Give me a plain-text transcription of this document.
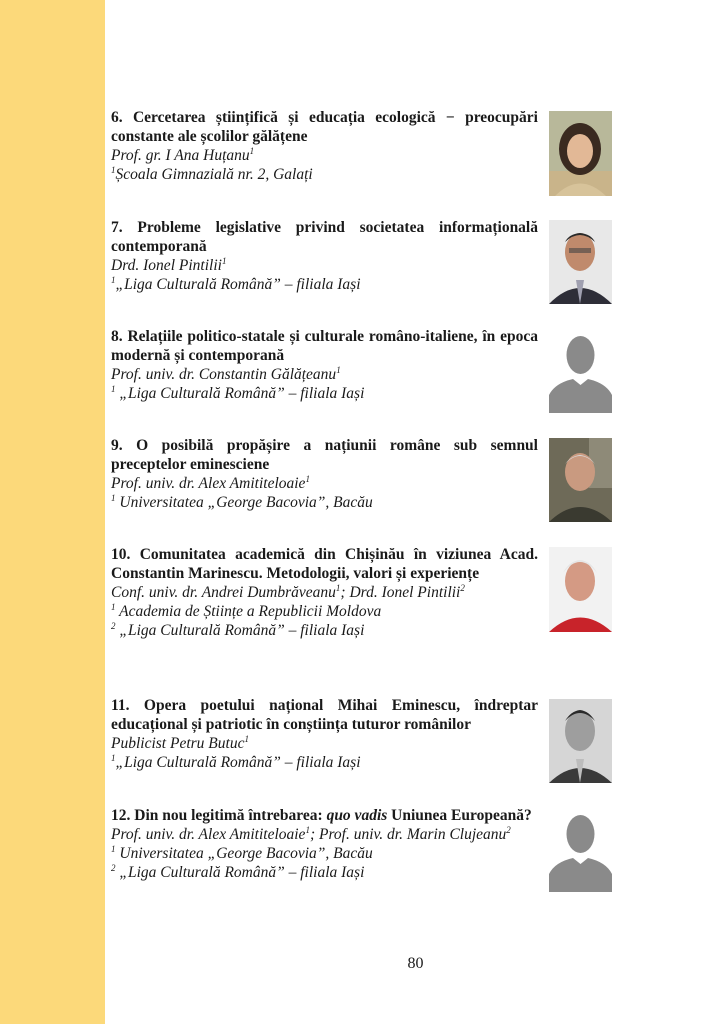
6. Cercetarea științifică și educația ecologică − preocupări constante ale școlilor gălățene

Prof. gr. I Ana Huțanu$^1$

$^1$Școala Gimnazială nr. 2, Galați

7. Probleme legislative privind societatea informațională contemporană

Drd. Ionel Pintilii$^1$

$^1$„Liga Culturală Română” – filiala Iași

8. Relațiile politico-statale și culturale româno-italiene, în epoca modernă și contemporană

Prof. univ. dr. Constantin Gălățeanu$^1$

$^1$ „Liga Culturală Română” – filiala Iași

9. O posibilă propășire a națiunii române sub semnul preceptelor eminesciene

Prof. univ. dr. Alex Amititeloaie$^1$

$^1$ Universitatea „George Bacovia”, Bacău

10. Comunitatea academică din Chișinău în viziunea Acad. Constantin Marinescu. Metodologii, valori și experiențe

Conf. univ. dr. Andrei Dumbrăveanu$^1$; Drd. Ionel Pintilii$^2$

$^1$ Academia de Științe a Republicii Moldova

$^2$ „Liga Culturală Română” – filiala Iași

11. Opera poetului național Mihai Eminescu, îndreptar educațional și patriotic în conștiința tuturor românilor

Publicist Petru Butuc$^1$

$^1$„Liga Culturală Română” – filiala Iași

12. Din nou legitimă întrebarea: quo vadis Uniunea Europeană?

Prof. univ. dr. Alex Amititeloaie$^1$; Prof. univ. dr. Marin Clujeanu$^2$

$^1$ Universitatea „George Bacovia”, Bacău

$^2$ „Liga Culturală Română” – filiala Iași

80
